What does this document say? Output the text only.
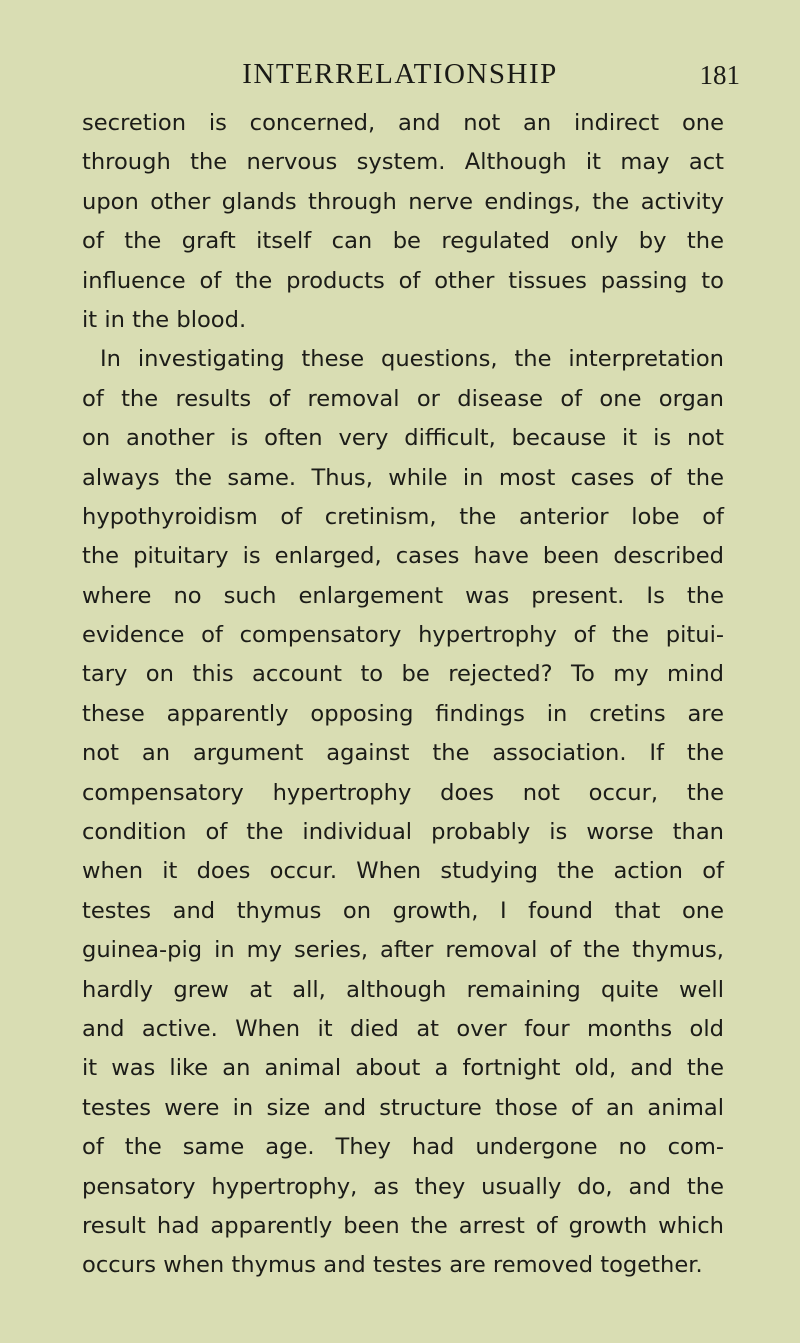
INTERRELATIONSHIP	181
secretion is concerned, and not an indirect one
through the nervous system. Although it may act
upon other glands through nerve endings, the activity
of the graft itself can be regulated only by the
influence of the products of other tissues passing to
it in the blood.
In investigating these questions, the interpretation
of the results of removal or disease of one organ
on another is often very difficult, because it is not
always the same. Thus, while in most cases of the
hypothyroidism of cretinism, the anterior lobe of
the pituitary is enlarged, cases have been described
where no such enlargement was present. Is the
evidence of compensatory hypertrophy of the pitui-
tary on this account to be rejected? To my mind
these apparently opposing findings in cretins are
not an argument against the association. If the
compensatory hypertrophy does not occur, the
condition of the individual probably is worse than
when it does occur. When studying the action of
testes and thymus on growth, I found that one
guinea-pig in my series, after removal of the thymus,
hardly grew at all, although remaining quite well
and active. When it died at over four months old
it was like an animal about a fortnight old, and the
testes were in size and structure those of an animal
of the same age. They had undergone no com-
pensatory hypertrophy, as they usually do, and the
result had apparently been the arrest of growth which
occurs when thymus and testes are removed together.
